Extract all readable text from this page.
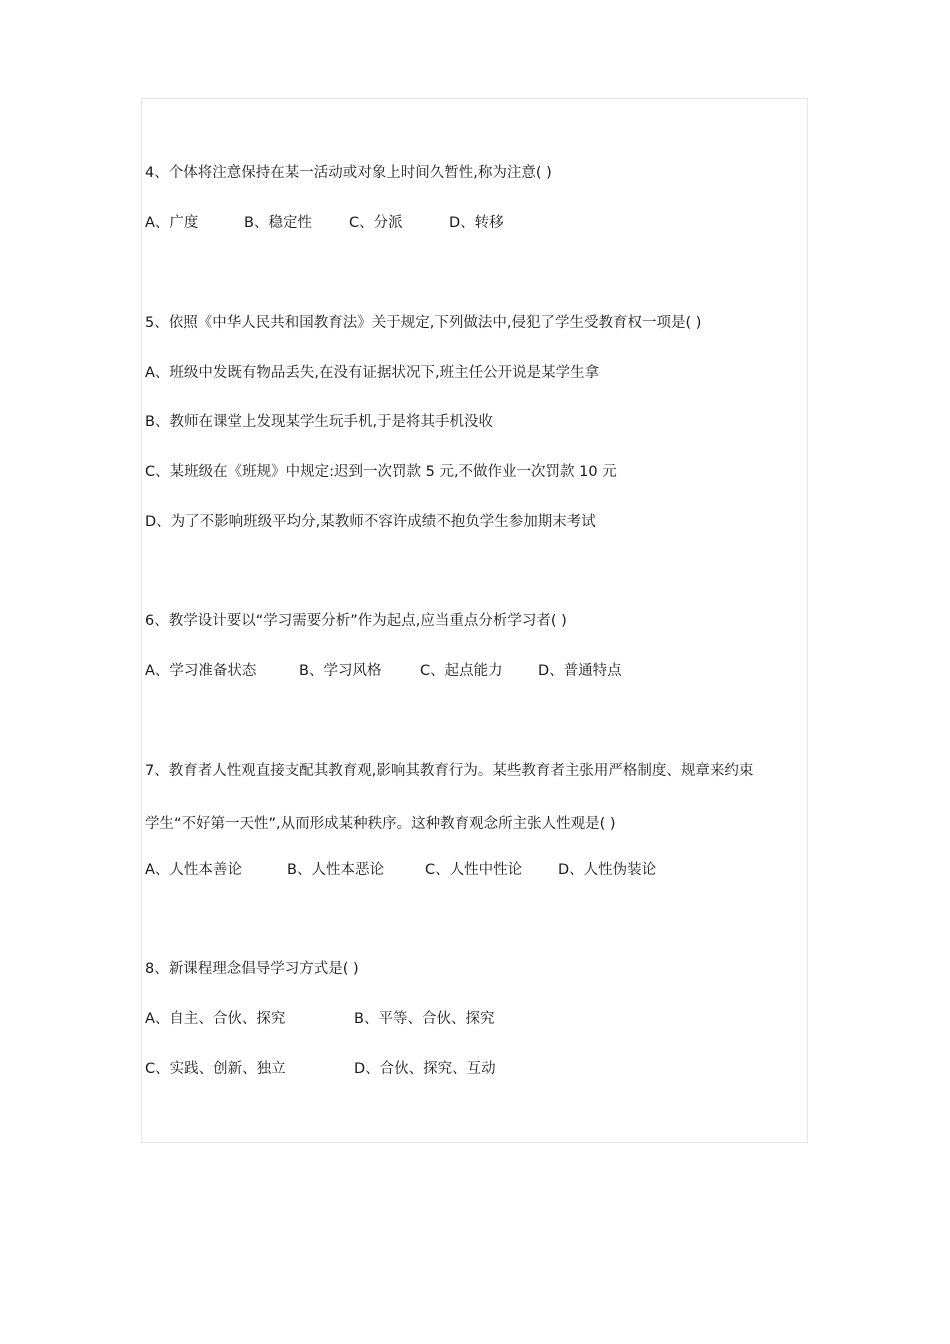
4、个体将注意保持在某一活动或对象上时间久暂性,称为注意( )
A、广度	B、稳定性	C、分派	D、转移
5、依照《中华人民共和国教育法》关于规定,下列做法中,侵犯了学生受教育权一项是( )
A、班级中发既有物品丢失,在没有证据状况下,班主任公开说是某学生拿
B、教师在课堂上发现某学生玩手机,于是将其手机没收
C、某班级在《班规》中规定:迟到一次罚款 5 元,不做作业一次罚款 10 元
D、为了不影响班级平均分,某教师不容许成绩不抱负学生参加期末考试
6、教学设计要以“学习需要分析”作为起点,应当重点分析学习者( )
A、学习准备状态	B、学习风格	C、起点能力 D、普通特点
7、教育者人性观直接支配其教育观,影响其教育行为。某些教育者主张用严格制度、规章来约束
学生“不好第一天性”,从而形成某种秩序。这种教育观念所主张人性观是( )
A、人性本善论	B、人性本恶论	C、人性中性论 D、人性伪装论
8、新课程理念倡导学习方式是( )
A、自主、合伙、探究	B、平等、合伙、探究
C、实践、创新、独立	D、合伙、探究、互动
